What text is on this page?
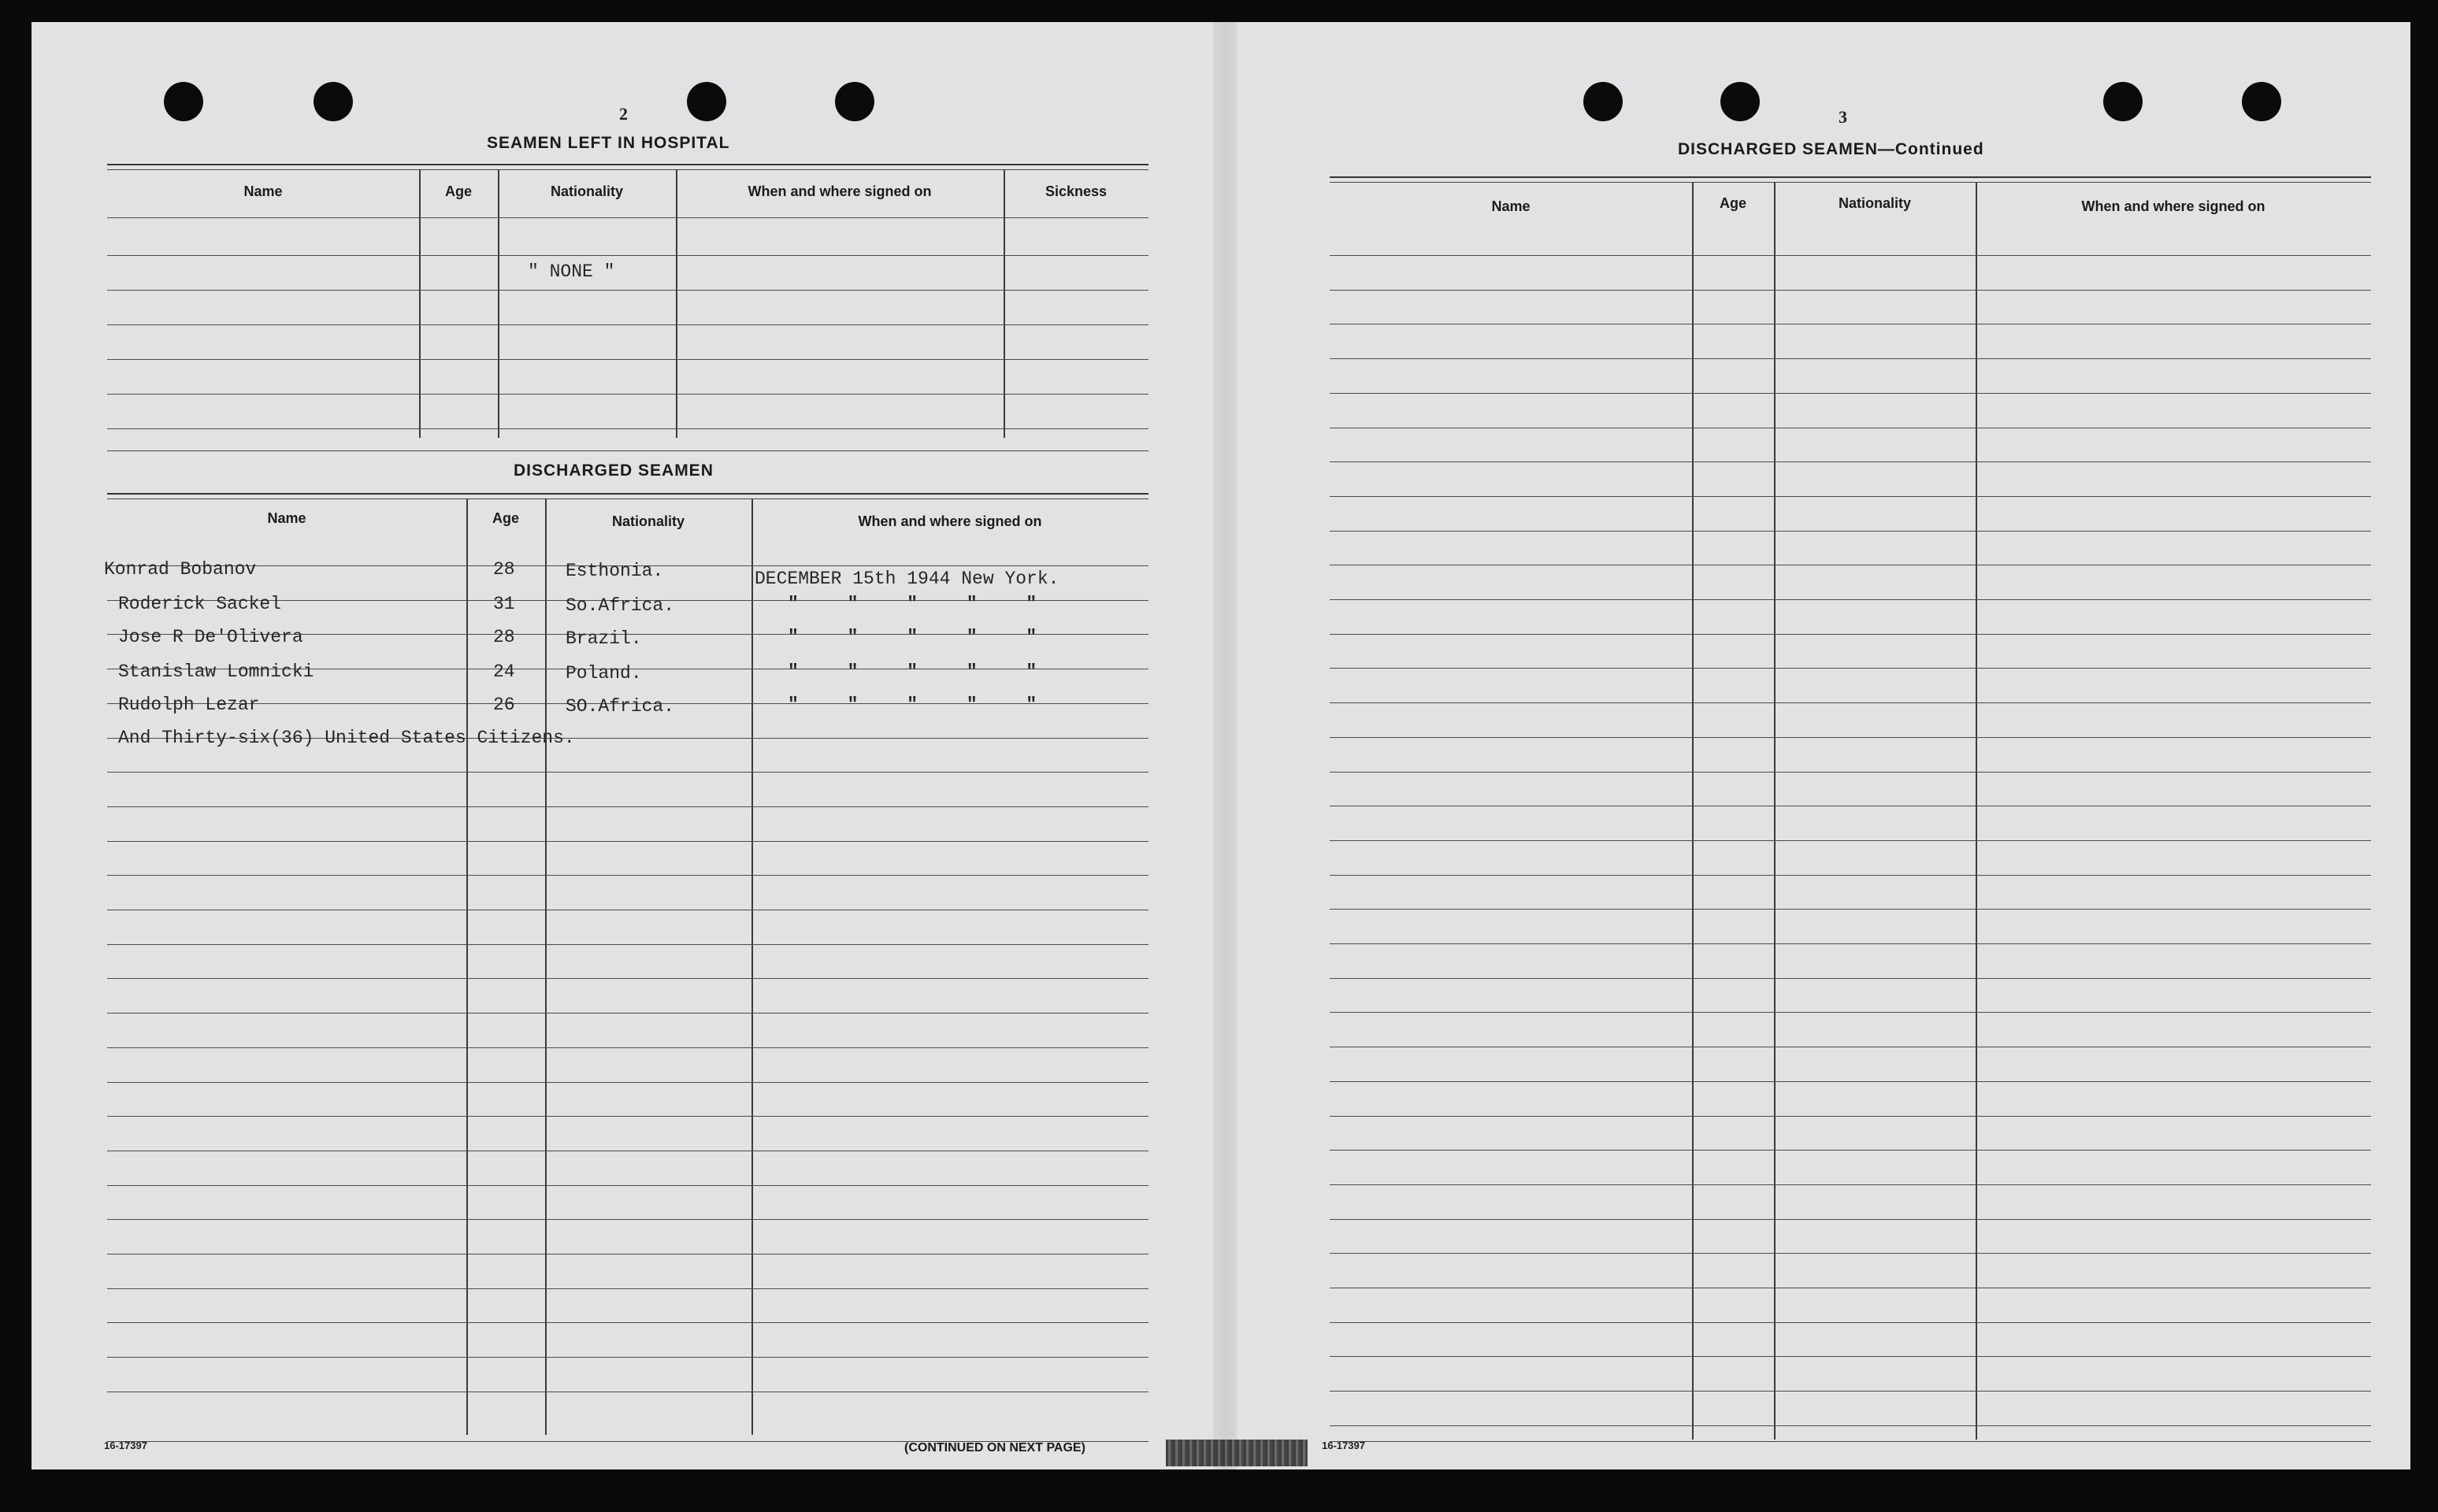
2
SEAMEN LEFT IN HOSPITAL
Name	Age	Nationality	When and where signed on	Sickness
" NONE "
DISCHARGED SEAMEN
Name	Age	Nationality	When and where signed on
Konrad Bobanov	28	Esthonia.	DECEMBER 15th 1944 New York.
Roderick Sackel	31	So.Africa.	" " " " "
Jose R De'Olivera	28	Brazil.	" " " " "
Stanislaw Lomnicki	24	Poland.	" " " " "
Rudolph Lezar	26	SO.Africa.	" " " " "
And Thirty-six(36) United States Citizens.
16-17397	(CONTINUED ON NEXT PAGE)
3
DISCHARGED SEAMEN—Continued
Name	Age	Nationality	When and where signed on
16-17397
